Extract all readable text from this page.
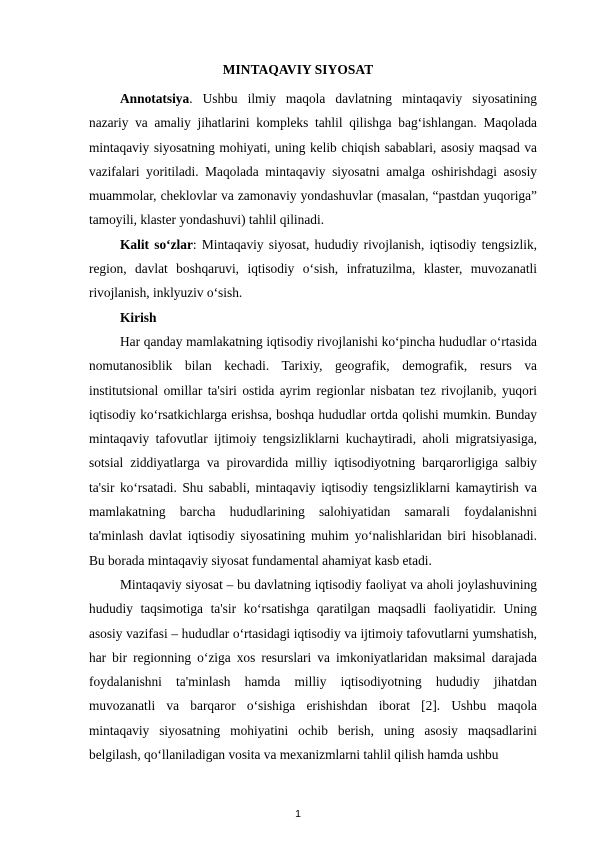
MINTAQAVIY SIYOSAT

Annotatsiya. Ushbu ilmiy maqola davlatning mintaqaviy siyosatining nazariy va amaliy jihatlarini kompleks tahlil qilishga bagʻishlangan. Maqolada mintaqaviy siyosatning mohiyati, uning kelib chiqish sabablari, asosiy maqsad va vazifalari yoritiladi. Maqolada mintaqaviy siyosatni amalga oshirishdagi asosiy muammolar, cheklovlar va zamonaviy yondashuvlar (masalan, “pastdan yuqoriga” tamoyili, klaster yondashuvi) tahlil qilinadi.

Kalit soʻzlar: Mintaqaviy siyosat, hududiy rivojlanish, iqtisodiy tengsizlik, region, davlat boshqaruvi, iqtisodiy oʻsish, infratuzilma, klaster, muvozanatli rivojlanish, inklyuziv oʻsish.

Kirish

Har qanday mamlakatning iqtisodiy rivojlanishi koʻpincha hududlar oʻrtasida nomutanosiblik bilan kechadi. Tarixiy, geografik, demografik, resurs va institutsional omillar ta'siri ostida ayrim regionlar nisbatan tez rivojlanib, yuqori iqtisodiy koʻrsatkichlarga erishsa, boshqa hududlar ortda qolishi mumkin. Bunday mintaqaviy tafovutlar ijtimoiy tengsizliklarni kuchaytiradi, aholi migratsiyasiga, sotsial ziddiyatlarga va pirovardida milliy iqtisodiyotning barqarorligiga salbiy ta'sir koʻrsatadi. Shu sababli, mintaqaviy iqtisodiy tengsizliklarni kamaytirish va mamlakatning barcha hududlarining salohiyatidan samarali foydalanishni ta'minlash davlat iqtisodiy siyosatining muhim yoʻnalishlaridan biri hisoblanadi. Bu borada mintaqaviy siyosat fundamental ahamiyat kasb etadi.

Mintaqaviy siyosat – bu davlatning iqtisodiy faoliyat va aholi joylashuvining hududiy taqsimotiga ta'sir koʻrsatishga qaratilgan maqsadli faoliyatidir. Uning asosiy vazifasi – hududlar oʻrtasidagi iqtisodiy va ijtimoiy tafovutlarni yumshatish, har bir regionning oʻziga xos resurslari va imkoniyatlaridan maksimal darajada foydalanishni ta'minlash hamda milliy iqtisodiyotning hududiy jihatdan muvozanatli va barqaror oʻsishiga erishishdan iborat [2]. Ushbu maqola mintaqaviy siyosatning mohiyatini ochib berish, uning asosiy maqsadlarini belgilash, qoʻllaniladigan vosita va mexanizmlarni tahlil qilish hamda ushbu

1
